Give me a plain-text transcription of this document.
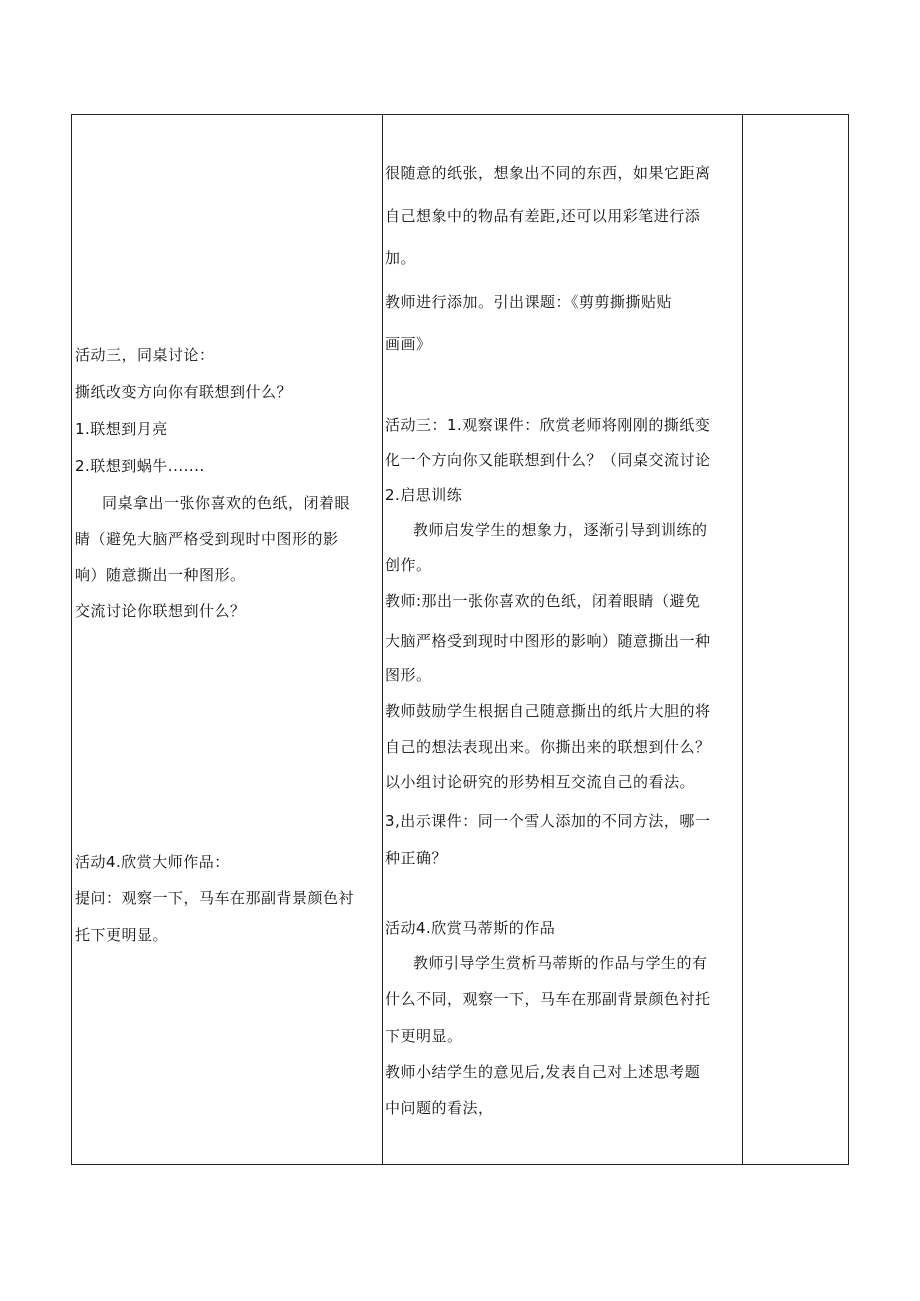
活动三，同桌讨论：
撕纸改变方向你有联想到什么？
1.联想到月亮
2.联想到蜗牛.......
同桌拿出一张你喜欢的色纸，闭着眼
睛（避免大脑严格受到现时中图形的影
响）随意撕出一种图形。
交流讨论你联想到什么？
活动4.欣赏大师作品：
提问：观察一下，马车在那副背景颜色衬
托下更明显。
很随意的纸张，想象出不同的东西，如果它距离
自己想象中的物品有差距,还可以用彩笔进行添
加。
教师进行添加。引出课题：《剪剪撕撕贴贴
画画》
活动三：1.观察课件：欣赏老师将刚刚的撕纸变
化一个方向你又能联想到什么？（同桌交流讨论
2.启思训练
教师启发学生的想象力，逐渐引导到训练的
创作。
教师:那出一张你喜欢的色纸，闭着眼睛（避免
大脑严格受到现时中图形的影响）随意撕出一种
图形。
教师鼓励学生根据自己随意撕出的纸片大胆的将
自己的想法表现出来。你撕出来的联想到什么？
以小组讨论研究的形势相互交流自己的看法。
3,出示课件：同一个雪人添加的不同方法，哪一
种正确？
活动4.欣赏马蒂斯的作品
教师引导学生赏析马蒂斯的作品与学生的有
什么不同，观察一下，马车在那副背景颜色衬托
下更明显。
教师小结学生的意见后,发表自己对上述思考题
中问题的看法，
